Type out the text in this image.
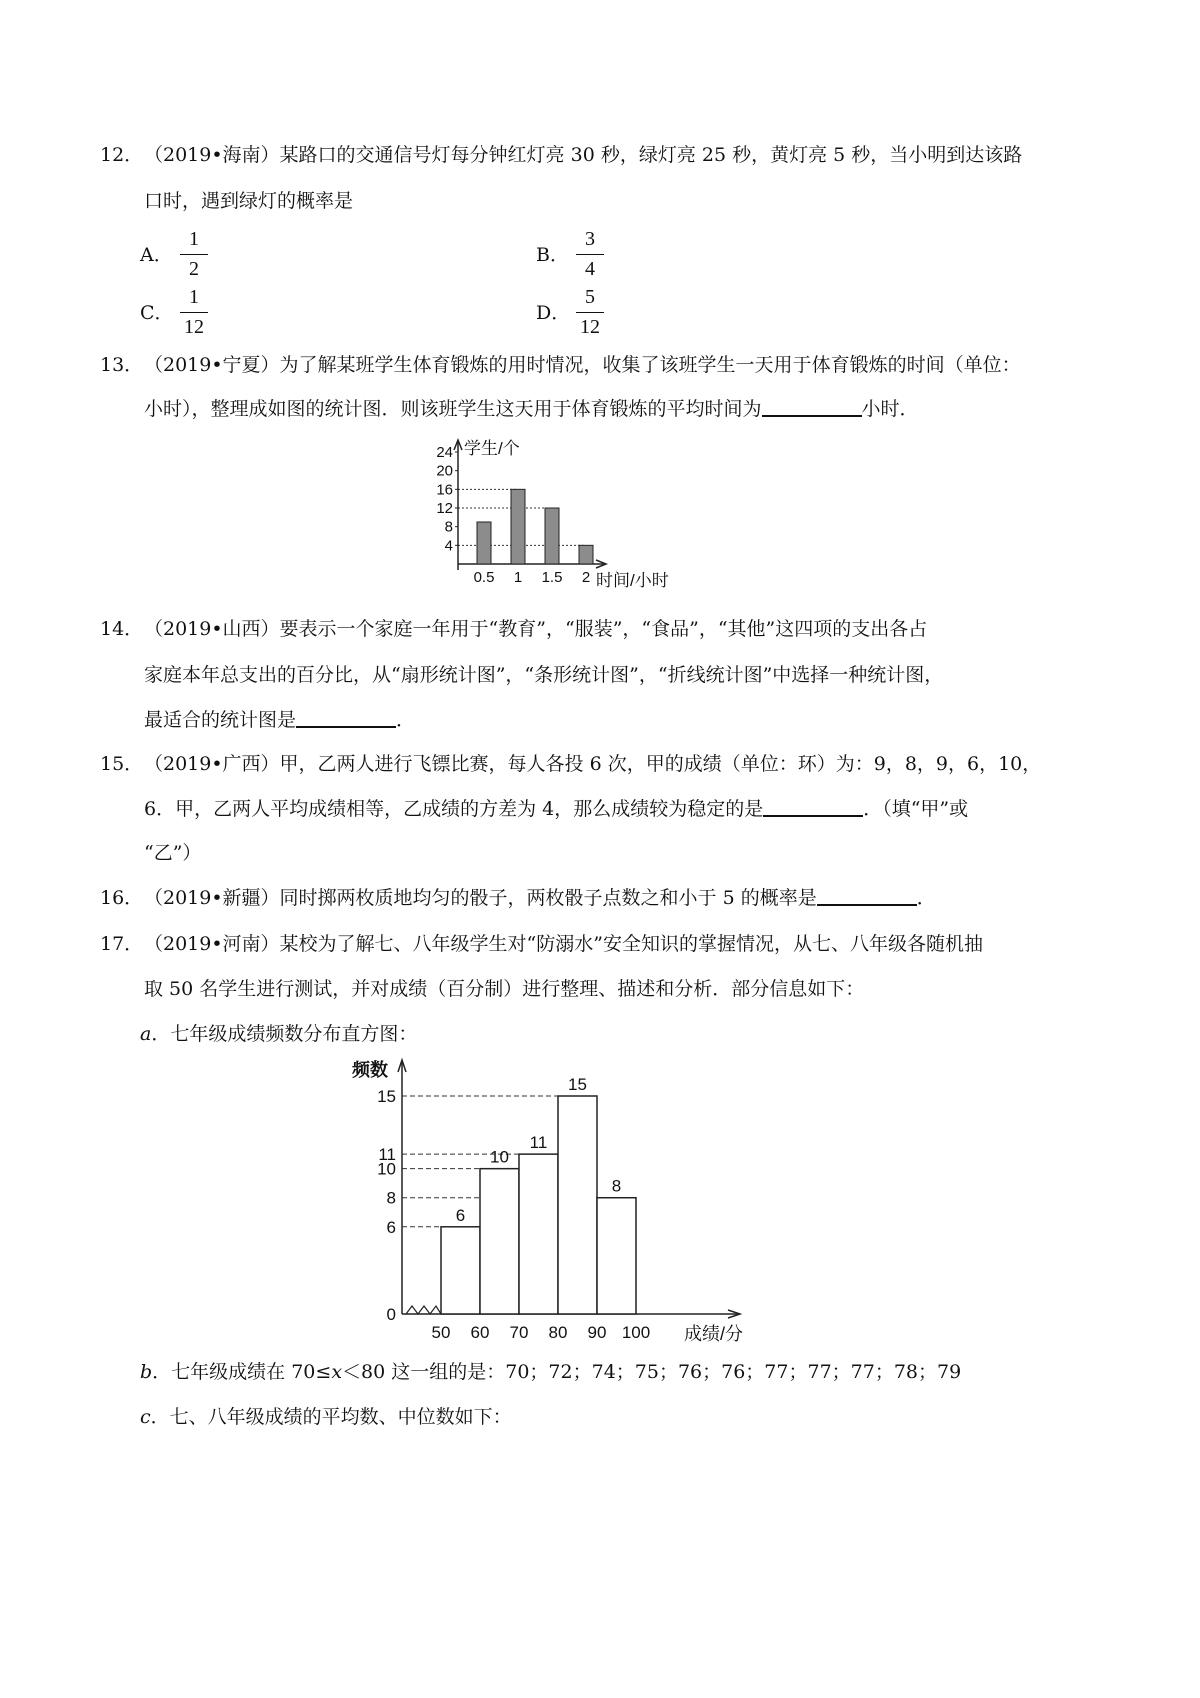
12．（2019•海南）某路口的交通信号灯每分钟红灯亮 30 秒，绿灯亮 25 秒，黄灯亮 5 秒，当小明到达该路
口时，遇到绿灯的概率是
A．
1
2
B．
3
4
C．
1
12
D．
5
12
13．（2019•宁夏）为了解某班学生体育锻炼的用时情况，收集了该班学生一天用于体育锻炼的时间（单位：
小时），整理成如图的统计图．则该班学生这天用于体育锻炼的平均时间为	小时．
4
8
12
16
20
24
0.5 1 1.5 2
学生/个
时间/小时
14．（2019•山西）要表示一个家庭一年用于“教育”，“服装”，“食品”，“其他”这四项的支出各占
家庭本年总支出的百分比，从“扇形统计图”，“条形统计图”，“折线统计图”中选择一种统计图，
最适合的统计图是	．
15．（2019•广西）甲，乙两人进行飞镖比赛，每人各投 6 次，甲的成绩（单位：环）为：9，8，9，6，10，
6．甲，乙两人平均成绩相等，乙成绩的方差为 4，那么成绩较为稳定的是	．（填“甲”或
“乙”）
16．（2019•新疆）同时掷两枚质地均匀的骰子，两枚骰子点数之和小于 5 的概率是	．
17．（2019•河南）某校为了解七、八年级学生对“防溺水”安全知识的掌握情况，从七、八年级各随机抽
取 50 名学生进行测试，并对成绩（百分制）进行整理、描述和分析．部分信息如下：
a．七年级成绩频数分布直方图：
0
6
8
10
11
15
6
10
11
15
8
50 60 70 80 90 100
频数
成绩/分
b．七年级成绩在 70≤x＜80 这一组的是：70；72；74；75；76；76；77；77；77；78；79
c．七、八年级成绩的平均数、中位数如下：
